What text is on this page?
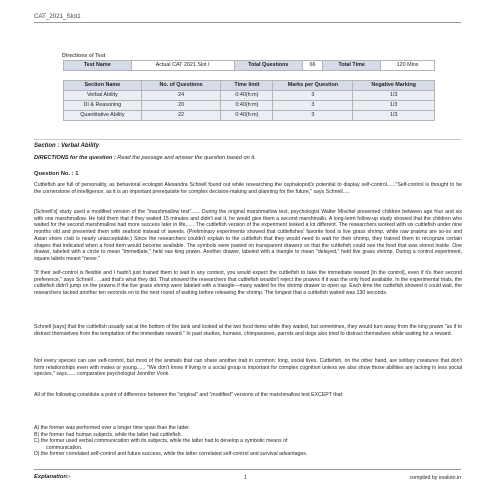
CAT_2021_Slot1
Directions of Test
Test Name	Actual CAT 2021 Slot I	Total Questions	66	Total Time	120 Mins
Section Name	No. of Questions	Time limit	Marks per Question	Negative Marking
Verbal Ability	24	0:40(h:m)	3	1/3
DI & Reasoning	20	0:40(h:m)	3	1/3
Quantitative Ability	22	0:40(h:m)	3	1/3
Section : Verbal Ability
DIRECTIONS for the question : Read the passage and answer the question based on it.
Question No. : 1

Cuttlefish are full of personality, as behavioral ecologist Alexandra Schnell found out while researching the cephalopod's potential to display self-control......"Self-control is thought to be the cornerstone of intelligence, as it is an important prerequisite for complex decision-making and planning for the future," says Schnell.....

[Schnell's] study used a modified version of the "marshmallow test"...... During the original marshmallow test, psychologist Walter Mischel presented children between age four and six with one marshmallow. He told them that if they waited 15 minutes and didn't eat it, he would give them a second marshmallo. A long-term follow-up study showed that the children who waited for the second marshmallow had more success later in life...... The cuttlefish version of the experiment looked a lot different. The researchers worked with six cuttlefish under nine months old and presented them with seafood instead of sweets. (Preliminary experiments showed that cuttlefishes' favorite food is live grass shrimp, while raw prawns are so-so and Asian shore crab is nearly unacceptable.) Since the researchers couldn't explain to the cuttlefish that they would need to wait for their shrimp, they trained them to recognize certain shapes that indicated when a food item would become available. The symbols were pasted on transparent drawers so that the cuttlefish could see the food that was stored inside. One drawer, labeled with a circle to mean "immediate," held raw king prawn. Another drawer, labeled with a triangle to mean "delayed," held live grass shrimp. During a control experiment, square labels meant "never."

"If their self-control is flexible and I hadn't just trained them to wait in any context, you would expect the cuttlefish to take the immediate reward [in the control], even if it's their second preference," says Schnell . . .and that's what they did. That showed the researchers that cuttlefish wouldn't reject the prawns if it was the only food available. In the experimental trials, the cuttlefish didn't jump on the prawns if the live grass shrimp were labeled with a triangle—many waited for the shrimp drawer to open up. Each time the cuttlefish showed it could wait, the researchers tacked another ten seconds on to the next round of waiting before releasing the shrimp. The longest that a cuttlefish waited was 130 seconds.

Schnell [says] that the cuttlefish usually sat at the bottom of the tank and looked at the two food items while they waited, but sometimes, they would turn away from the king prawn "as if to distract themselves from the temptation of the immediate reward." In past studies, humans, chimpanzees, parrots and dogs also tried to distract themselves while waiting for a reward.

Not every species can use self-control, but most of the animals that can share another trait in common: long, social lives. Cuttlefish, on the other hand, are solitary creatures that don't form relationships even with mates or young...... "We don't know if living in a social group is important for complex cognition unless we also show those abilities are lacking in less social species," says...... comparative psychologist Jennifer Vonk.

All of the following constitute a point of difference between the "original" and "modified" versions of the marshmallow test EXCEPT that:

A) the former was performed over a longer time span than the latter.
B) the former had human subjects, while the latter had cuttlefish.
C) the former used verbal communication with its subjects, while the latter had to develop a symbolic means of
communication.
D) the former correlated self-control and future success, while the latter correlated self-control and survival advantages.
Explanation:-	1	compiled by evaluto.in
